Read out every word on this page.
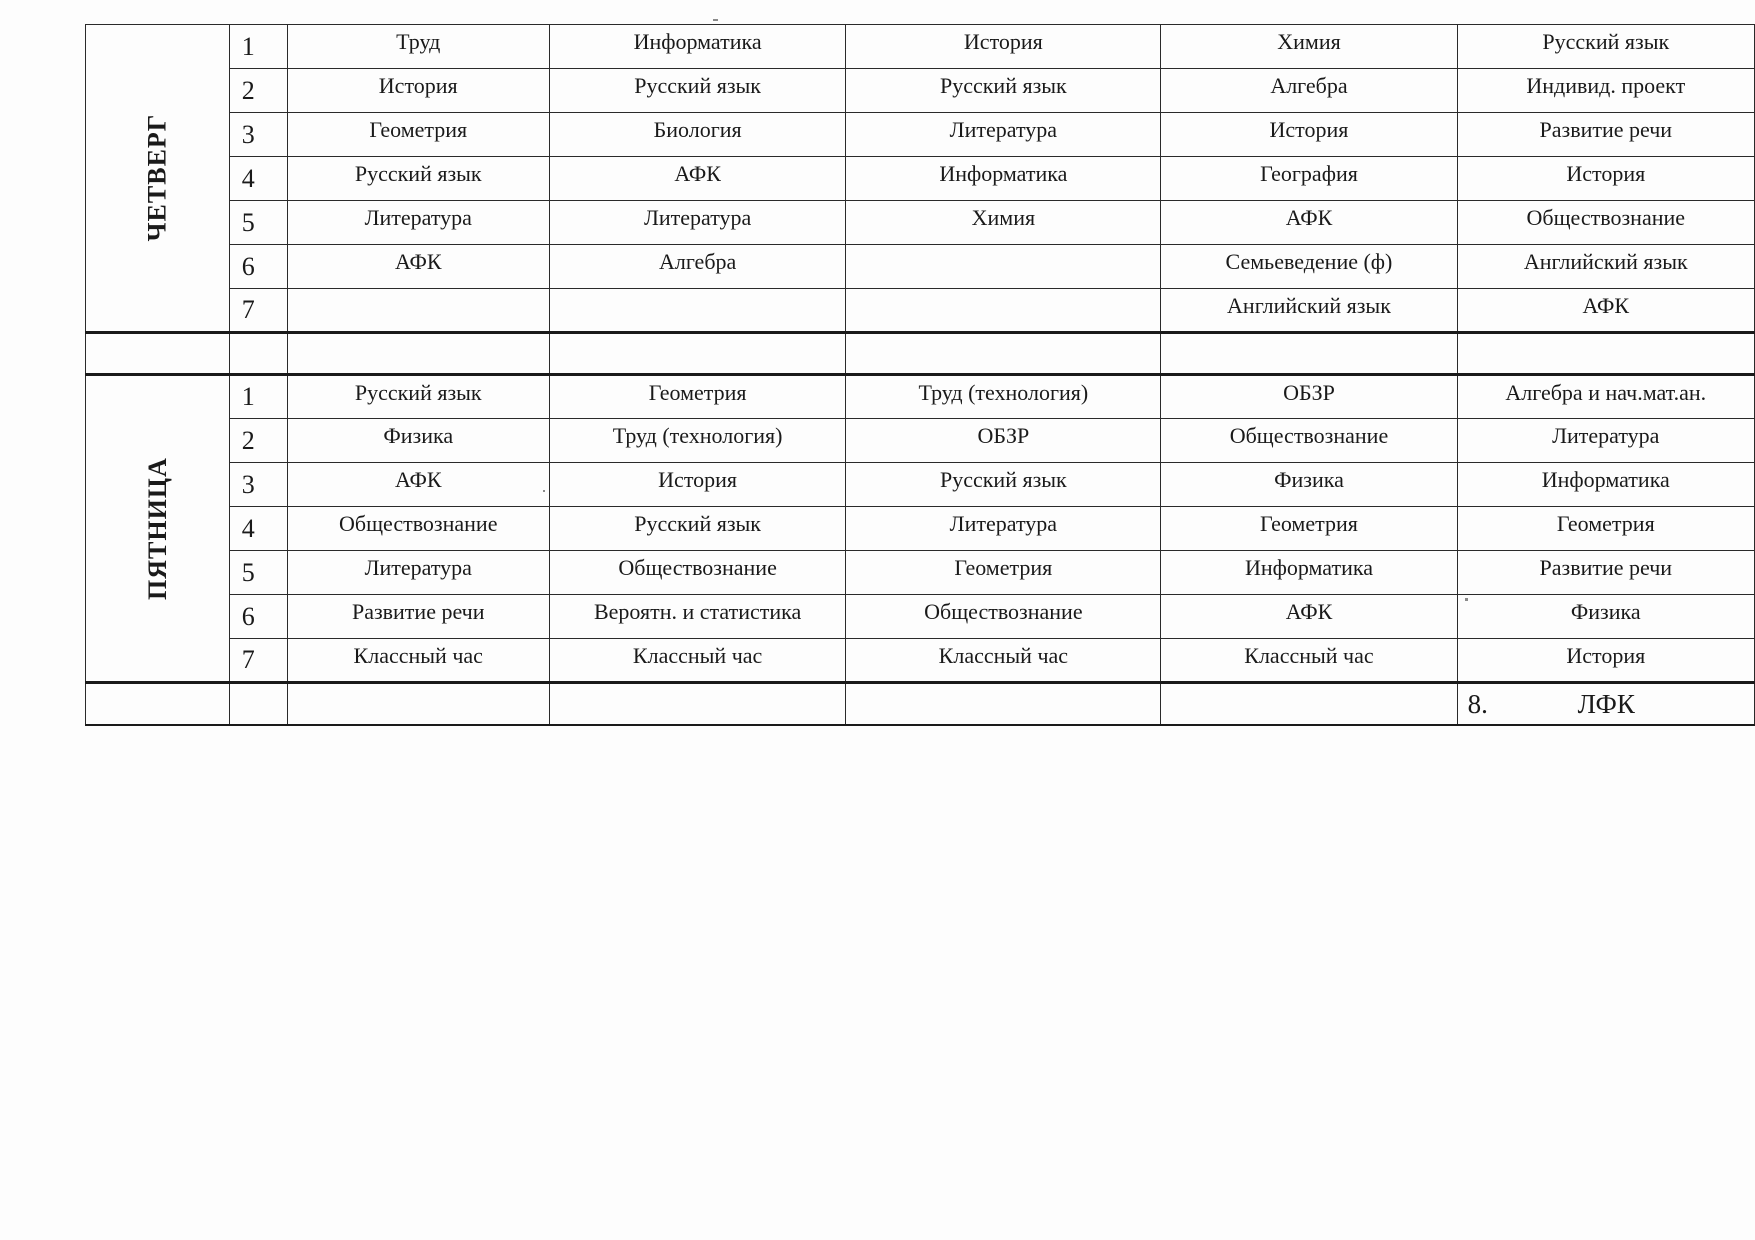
ЧЕТВЕРГ	1	Труд	Информатика	История	Химия	Русский язык
	2	История	Русский язык	Русский язык	Алгебра	Индивид. проект
	3	Геометрия	Биология	Литература	История	Развитие речи
	4	Русский язык	АФК	Информатика	География	История
	5	Литература	Литература	Химия	АФК	Обществознание
	6	АФК	Алгебра		Семьеведение (ф)	Английский язык
	7				Английский язык	АФК

ПЯТНИЦА	1	Русский язык	Геометрия	Труд (технология)	ОБЗР	Алгебра и нач.мат.ан.
	2	Физика	Труд (технология)	ОБЗР	Обществознание	Литература
	3	АФК	История	Русский язык	Физика	Информатика
	4	Обществознание	Русский язык	Литература	Геометрия	Геометрия
	5	Литература	Обществознание	Геометрия	Информатика	Развитие речи
	6	Развитие речи	Вероятн. и статистика	Обществознание	АФК	Физика
	7	Классный час	Классный час	Классный час	Классный час	История
						8. ЛФК
